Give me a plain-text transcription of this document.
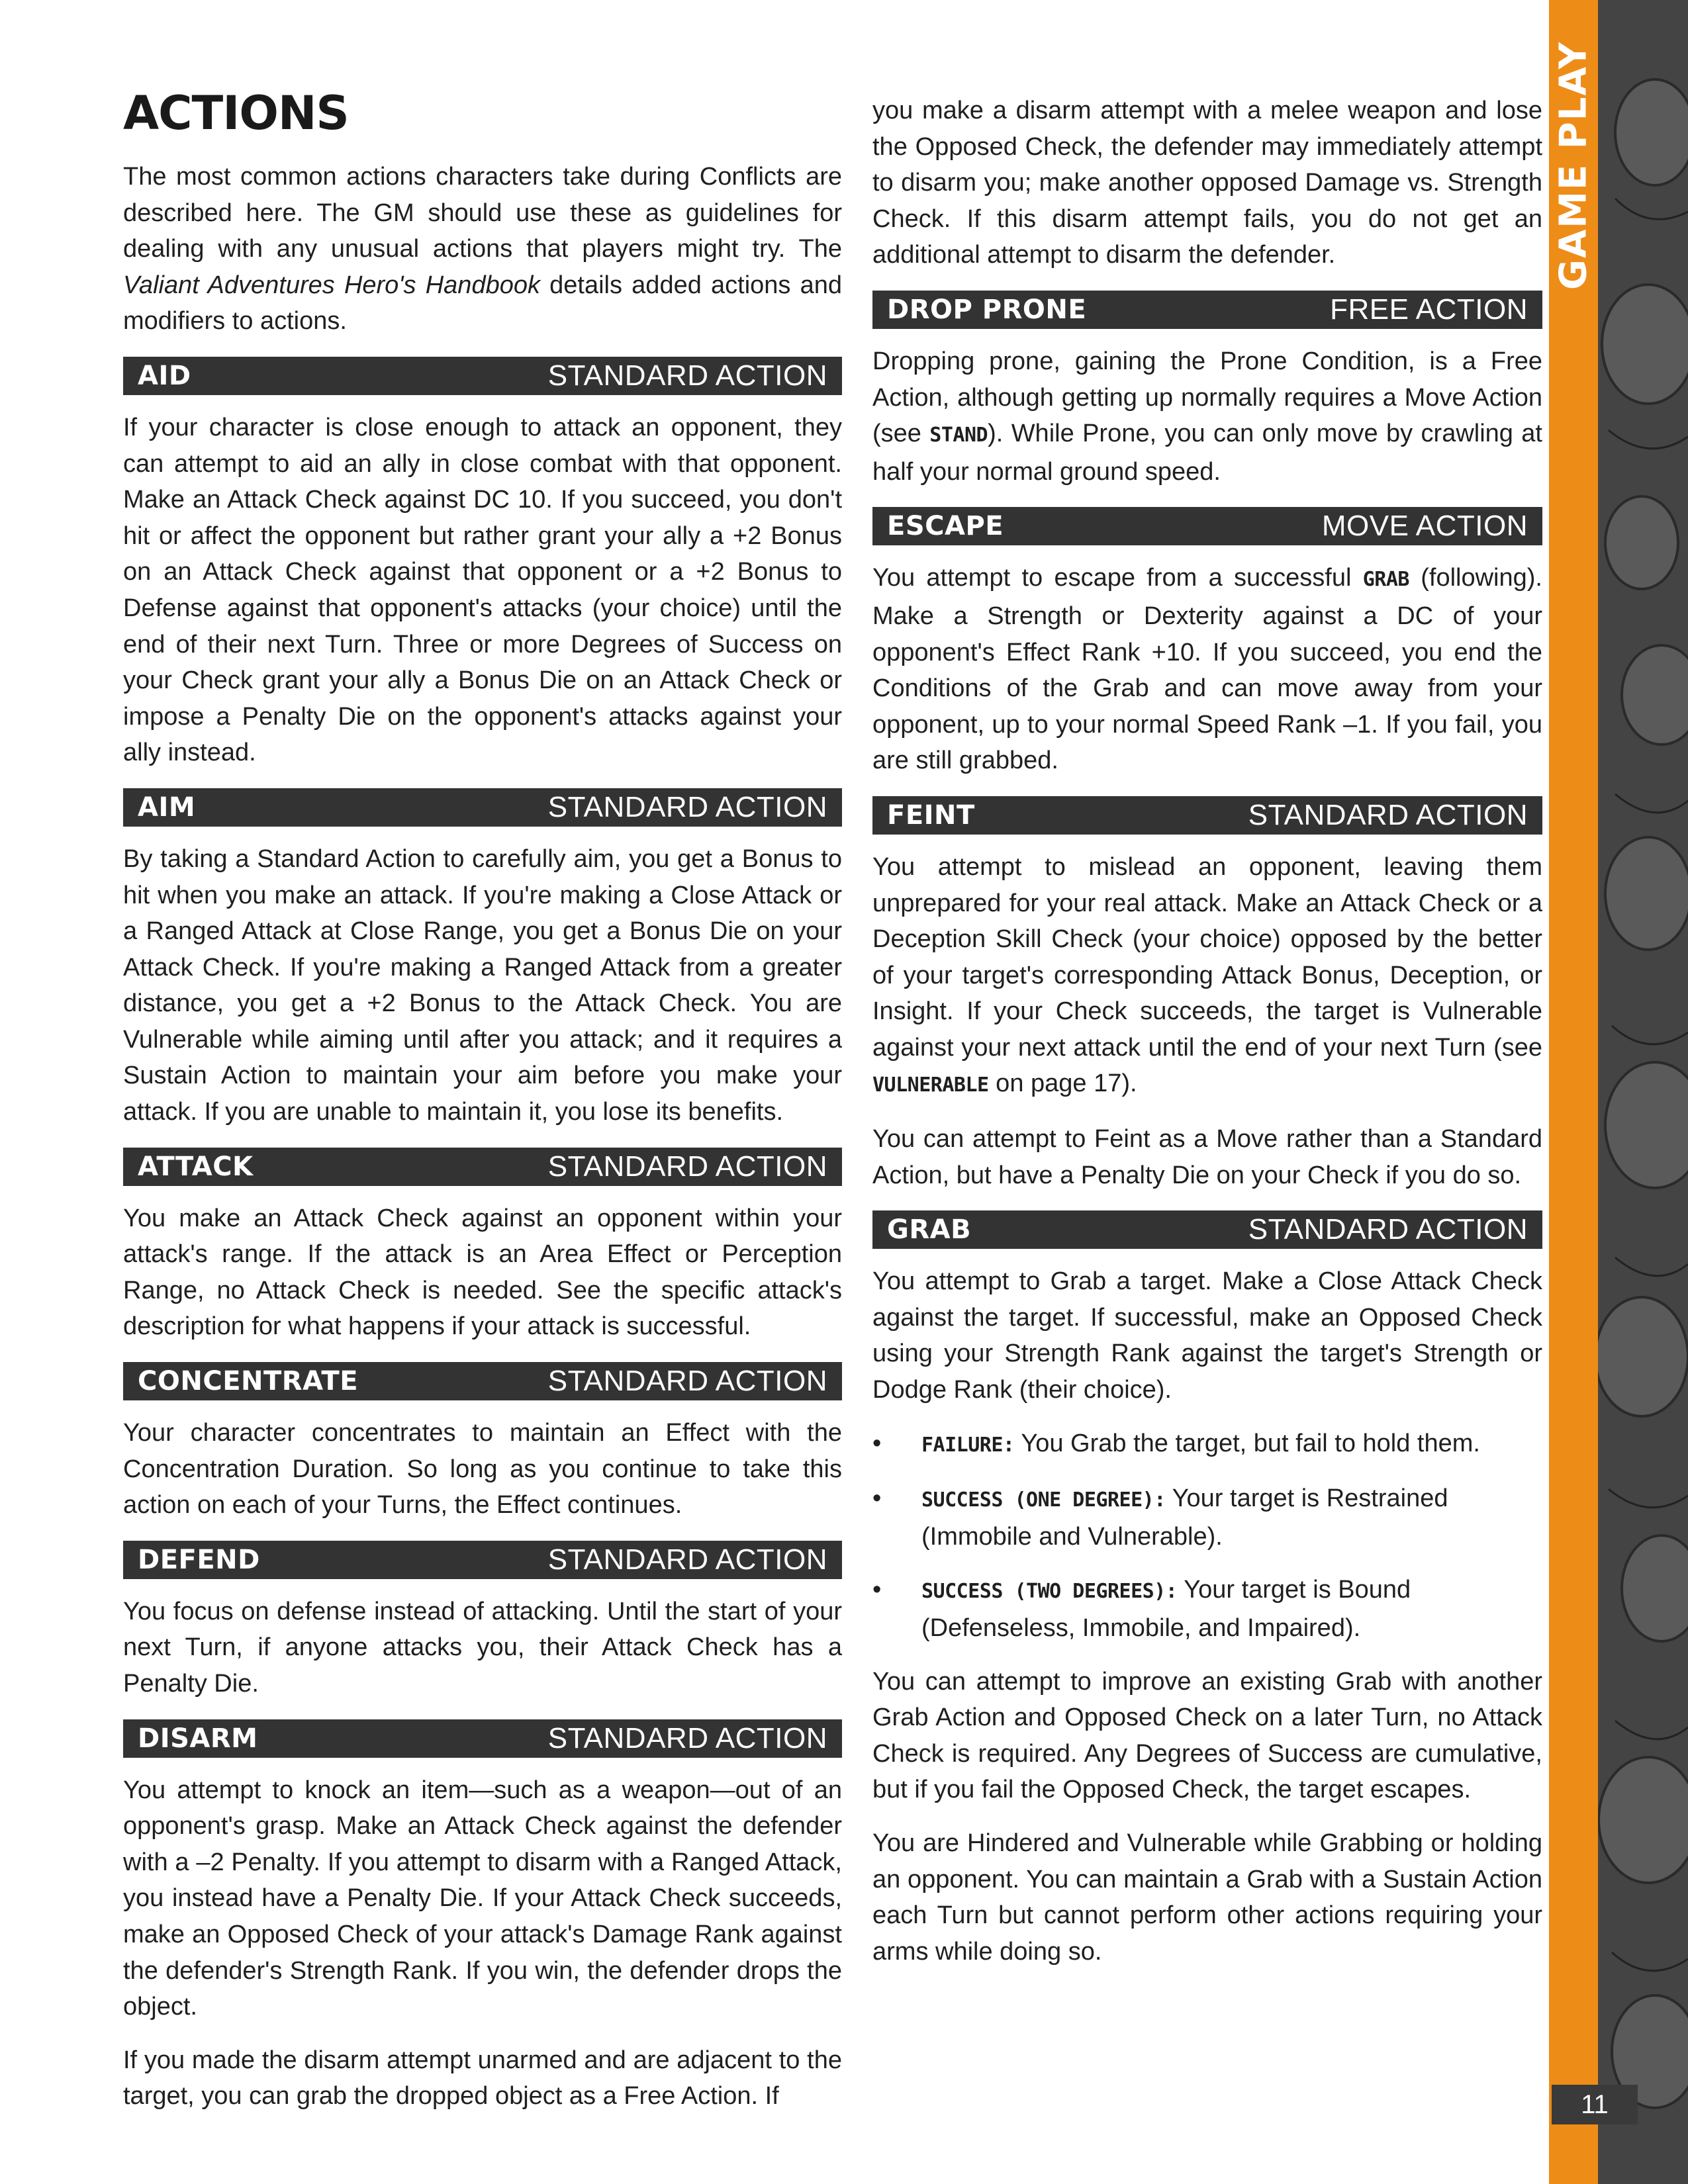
ACTIONS

The most common actions characters take during Conflicts are described here. The GM should use these as guidelines for dealing with any unusual actions that players might try. The Valiant Adventures Hero's Handbook details added actions and modifiers to actions.

AID	STANDARD ACTION

If your character is close enough to attack an opponent, they can attempt to aid an ally in close combat with that opponent. Make an Attack Check against DC 10. If you succeed, you don't hit or affect the opponent but rather grant your ally a +2 Bonus on an Attack Check against that opponent or a +2 Bonus to Defense against that opponent's attacks (your choice) until the end of their next Turn. Three or more Degrees of Success on your Check grant your ally a Bonus Die on an Attack Check or impose a Penalty Die on the opponent's attacks against your ally instead.

AIM	STANDARD ACTION

By taking a Standard Action to carefully aim, you get a Bonus to hit when you make an attack. If you're making a Close Attack or a Ranged Attack at Close Range, you get a Bonus Die on your Attack Check. If you're making a Ranged Attack from a greater distance, you get a +2 Bonus to the Attack Check. You are Vulnerable while aiming until after you attack; and it requires a Sustain Action to maintain your aim before you make your attack. If you are unable to maintain it, you lose its benefits.

ATTACK	STANDARD ACTION

You make an Attack Check against an opponent within your attack's range. If the attack is an Area Effect or Perception Range, no Attack Check is needed. See the specific attack's description for what happens if your attack is successful.

CONCENTRATE	STANDARD ACTION

Your character concentrates to maintain an Effect with the Concentration Duration. So long as you continue to take this action on each of your Turns, the Effect continues.

DEFEND	STANDARD ACTION

You focus on defense instead of attacking. Until the start of your next Turn, if anyone attacks you, their Attack Check has a Penalty Die.

DISARM	STANDARD ACTION

You attempt to knock an item—such as a weapon—out of an opponent's grasp. Make an Attack Check against the defender with a –2 Penalty. If you attempt to disarm with a Ranged Attack, you instead have a Penalty Die. If your Attack Check succeeds, make an Opposed Check of your attack's Damage Rank against the defender's Strength Rank. If you win, the defender drops the object.

If you made the disarm attempt unarmed and are adjacent to the target, you can grab the dropped object as a Free Action. If

you make a disarm attempt with a melee weapon and lose the Opposed Check, the defender may immediately attempt to disarm you; make another opposed Damage vs. Strength Check. If this disarm attempt fails, you do not get an additional attempt to disarm the defender.

DROP PRONE	FREE ACTION

Dropping prone, gaining the Prone Condition, is a Free Action, although getting up normally requires a Move Action (see STAND). While Prone, you can only move by crawling at half your normal ground speed.

ESCAPE	MOVE ACTION

You attempt to escape from a successful GRAB (following). Make a Strength or Dexterity against a DC of your opponent's Effect Rank +10. If you succeed, you end the Conditions of the Grab and can move away from your opponent, up to your normal Speed Rank –1. If you fail, you are still grabbed.

FEINT	STANDARD ACTION

You attempt to mislead an opponent, leaving them unprepared for your real attack. Make an Attack Check or a Deception Skill Check (your choice) opposed by the better of your target's corresponding Attack Bonus, Deception, or Insight. If your Check succeeds, the target is Vulnerable against your next attack until the end of your next Turn (see VULNERABLE on page 17).

You can attempt to Feint as a Move rather than a Standard Action, but have a Penalty Die on your Check if you do so.

GRAB	STANDARD ACTION

You attempt to Grab a target. Make a Close Attack Check against the target. If successful, make an Opposed Check using your Strength Rank against the target's Strength or Dodge Rank (their choice).

• FAILURE: You Grab the target, but fail to hold them.
• SUCCESS (ONE DEGREE): Your target is Restrained (Immobile and Vulnerable).
• SUCCESS (TWO DEGREES): Your target is Bound (Defenseless, Immobile, and Impaired).

You can attempt to improve an existing Grab with another Grab Action and Opposed Check on a later Turn, no Attack Check is required. Any Degrees of Success are cumulative, but if you fail the Opposed Check, the target escapes.

You are Hindered and Vulnerable while Grabbing or holding an opponent. You can maintain a Grab with a Sustain Action each Turn but cannot perform other actions requiring your arms while doing so.

GAME PLAY
11
